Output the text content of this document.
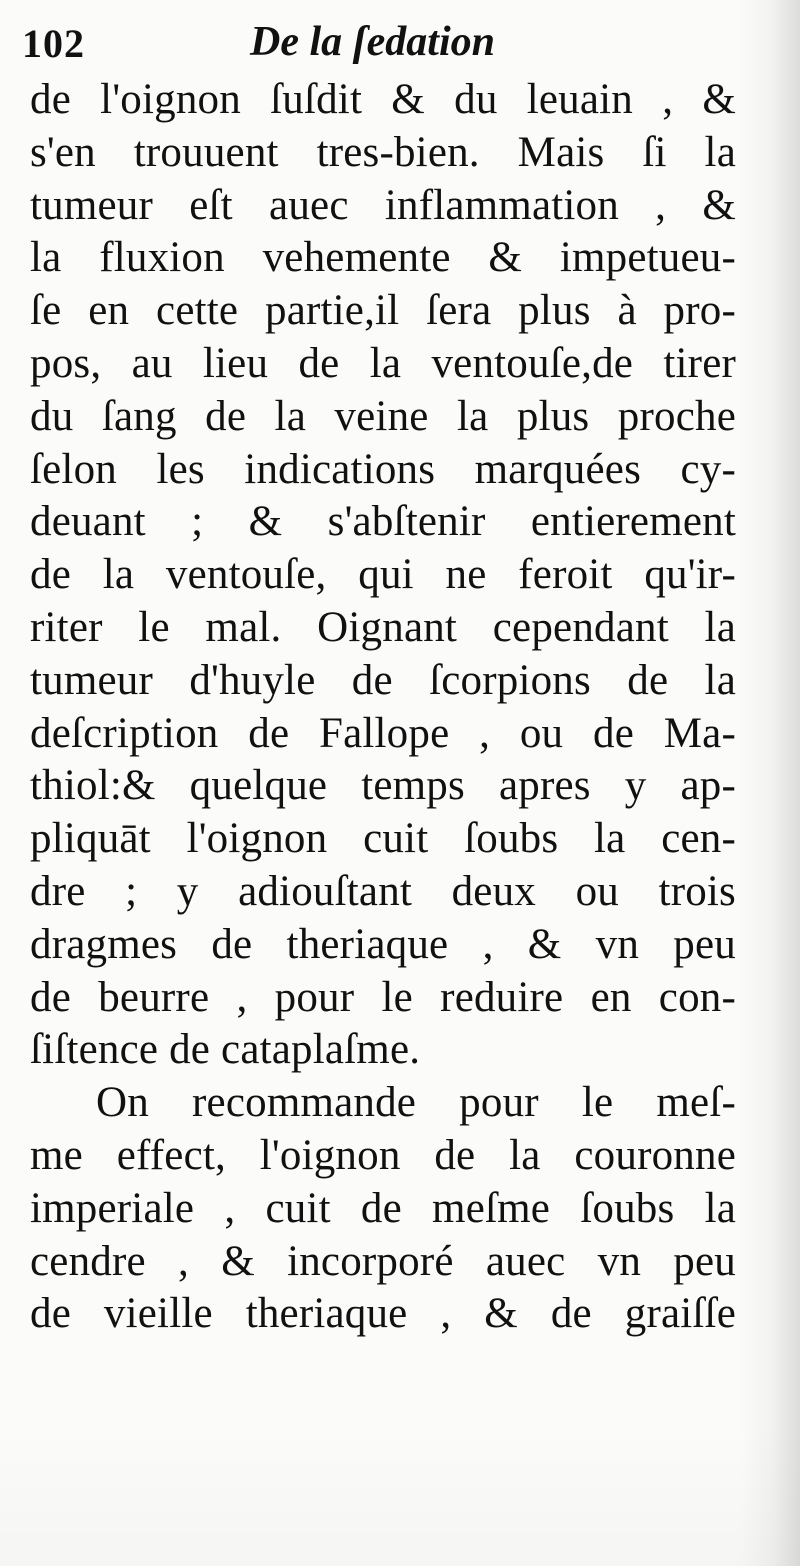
102	De la ſedation
de l'oignon ſuſdit & du leuain , &
s'en trouuent tres-bien. Mais ſi la
tumeur eſt auec inflammation , &
la fluxion vehemente & impetueu-
ſe en cette partie,il ſera plus à pro-
pos, au lieu de la ventouſe,de tirer
du ſang de la veine la plus proche
ſelon les indications marquées cy-
deuant ; & s'abſtenir entierement
de la ventouſe, qui ne feroit qu'ir-
riter le mal. Oignant cependant la
tumeur d'huyle de ſcorpions de la
deſcription de Fallope , ou de Ma-
thiol:& quelque temps apres y ap-
pliquāt l'oignon cuit ſoubs la cen-
dre ; y adiouſtant deux ou trois
dragmes de theriaque , & vn peu
de beurre , pour le reduire en con-
ſiſtence de cataplaſme.
On recommande pour le meſ-
me effect, l'oignon de la couronne
imperiale , cuit de meſme ſoubs la
cendre , & incorporé auec vn peu
de vieille theriaque , & de graiſſe
